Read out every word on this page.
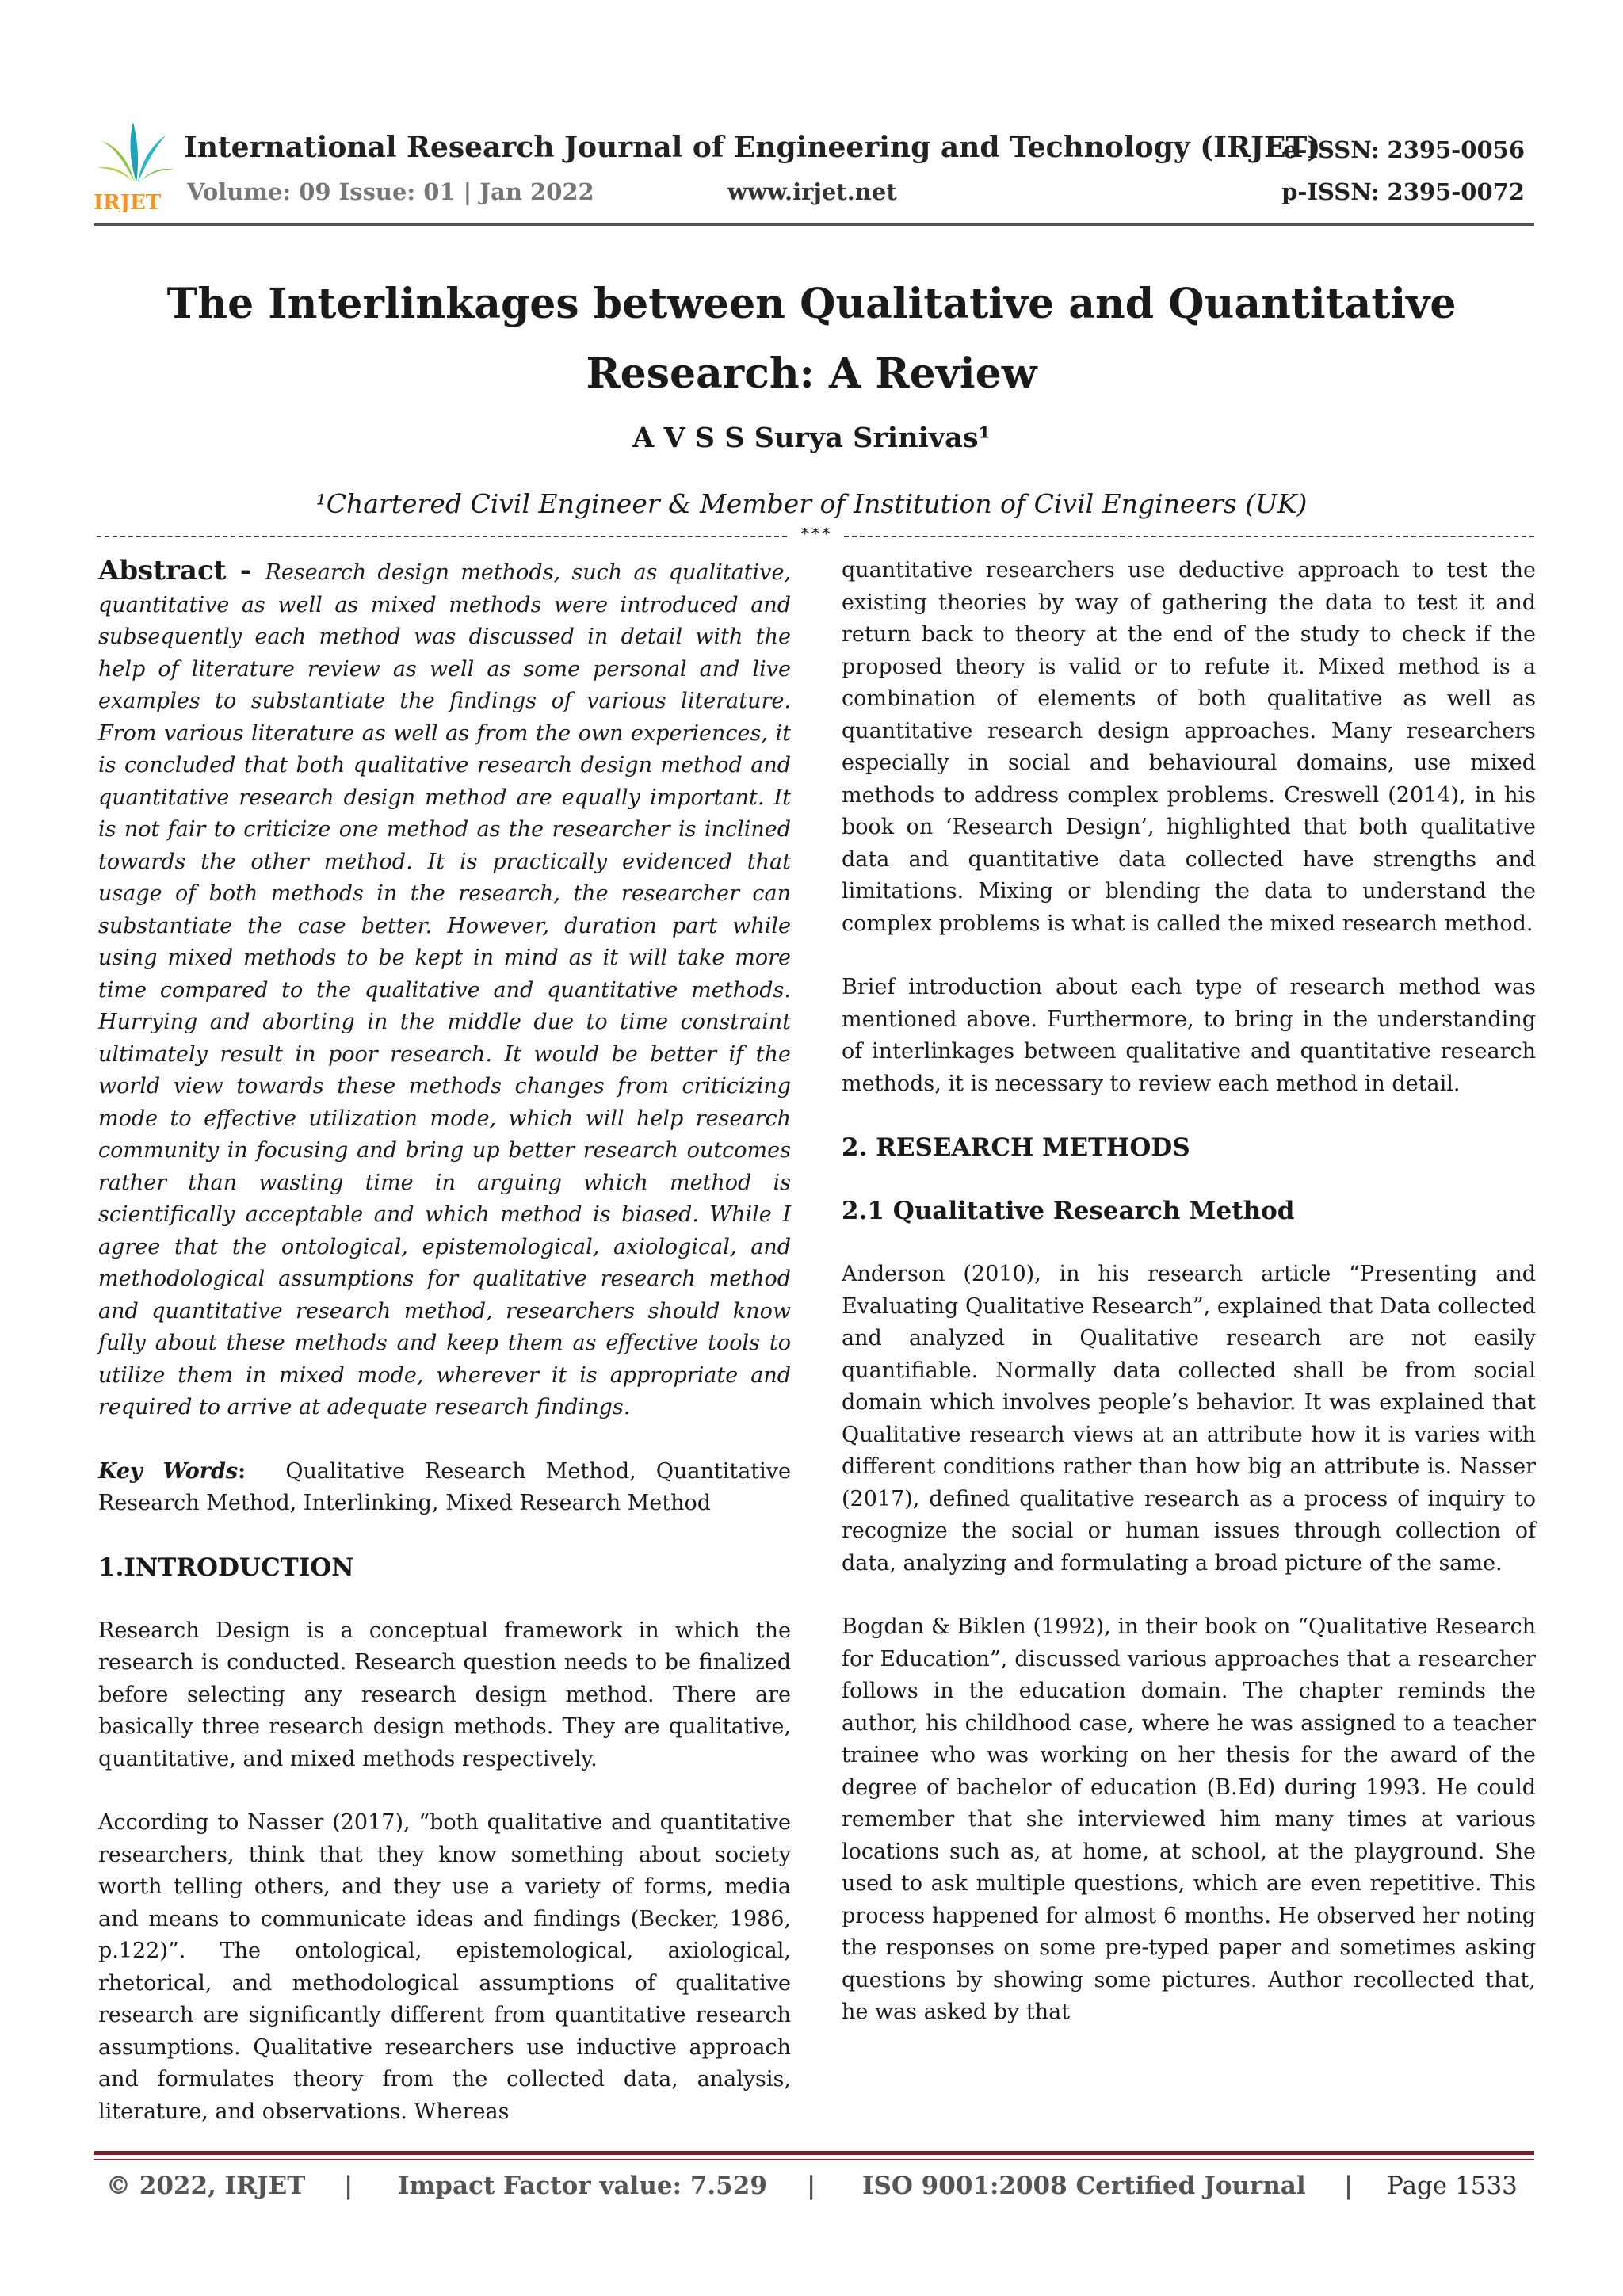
IRJET
International Research Journal of Engineering and Technology (IRJET)
Volume: 09 Issue: 01 | Jan 2022	www.irjet.net
e-ISSN: 2395-0056
p-ISSN: 2395-0072
The Interlinkages between Qualitative and Quantitative Research: A Review
A V S S Surya Srinivas¹
¹Chartered Civil Engineer & Member of Institution of Civil Engineers (UK)
***

Abstract - Research design methods, such as qualitative, quantitative as well as mixed methods were introduced and subsequently each method was discussed in detail with the help of literature review as well as some personal and live examples to substantiate the findings of various literature. From various literature as well as from the own experiences, it is concluded that both qualitative research design method and quantitative research design method are equally important. It is not fair to criticize one method as the researcher is inclined towards the other method. It is practically evidenced that usage of both methods in the research, the researcher can substantiate the case better. However, duration part while using mixed methods to be kept in mind as it will take more time compared to the qualitative and quantitative methods. Hurrying and aborting in the middle due to time constraint ultimately result in poor research. It would be better if the world view towards these methods changes from criticizing mode to effective utilization mode, which will help research community in focusing and bring up better research outcomes rather than wasting time in arguing which method is scientifically acceptable and which method is biased. While I agree that the ontological, epistemological, axiological, and methodological assumptions for qualitative research method and quantitative research method, researchers should know fully about these methods and keep them as effective tools to utilize them in mixed mode, wherever it is appropriate and required to arrive at adequate research findings.

Key Words: Qualitative Research Method, Quantitative Research Method, Interlinking, Mixed Research Method

1.INTRODUCTION

Research Design is a conceptual framework in which the research is conducted. Research question needs to be finalized before selecting any research design method. There are basically three research design methods. They are qualitative, quantitative, and mixed methods respectively.

According to Nasser (2017), “both qualitative and quantitative researchers, think that they know something about society worth telling others, and they use a variety of forms, media and means to communicate ideas and findings (Becker, 1986, p.122)”. The ontological, epistemological, axiological, rhetorical, and methodological assumptions of qualitative research are significantly different from quantitative research assumptions. Qualitative researchers use inductive approach and formulates theory from the collected data, analysis, literature, and observations. Whereas

quantitative researchers use deductive approach to test the existing theories by way of gathering the data to test it and return back to theory at the end of the study to check if the proposed theory is valid or to refute it. Mixed method is a combination of elements of both qualitative as well as quantitative research design approaches. Many researchers especially in social and behavioural domains, use mixed methods to address complex problems. Creswell (2014), in his book on ‘Research Design’, highlighted that both qualitative data and quantitative data collected have strengths and limitations. Mixing or blending the data to understand the complex problems is what is called the mixed research method.

Brief introduction about each type of research method was mentioned above. Furthermore, to bring in the understanding of interlinkages between qualitative and quantitative research methods, it is necessary to review each method in detail.

2. RESEARCH METHODS
2.1 Qualitative Research Method

Anderson (2010), in his research article “Presenting and Evaluating Qualitative Research”, explained that Data collected and analyzed in Qualitative research are not easily quantifiable. Normally data collected shall be from social domain which involves people’s behavior. It was explained that Qualitative research views at an attribute how it is varies with different conditions rather than how big an attribute is. Nasser (2017), defined qualitative research as a process of inquiry to recognize the social or human issues through collection of data, analyzing and formulating a broad picture of the same.

Bogdan & Biklen (1992), in their book on “Qualitative Research for Education”, discussed various approaches that a researcher follows in the education domain. The chapter reminds the author, his childhood case, where he was assigned to a teacher trainee who was working on her thesis for the award of the degree of bachelor of education (B.Ed) during 1993. He could remember that she interviewed him many times at various locations such as, at home, at school, at the playground. She used to ask multiple questions, which are even repetitive. This process happened for almost 6 months. He observed her noting the responses on some pre-typed paper and sometimes asking questions by showing some pictures. Author recollected that, he was asked by that

© 2022, IRJET | Impact Factor value: 7.529 | ISO 9001:2008 Certified Journal | Page 1533
